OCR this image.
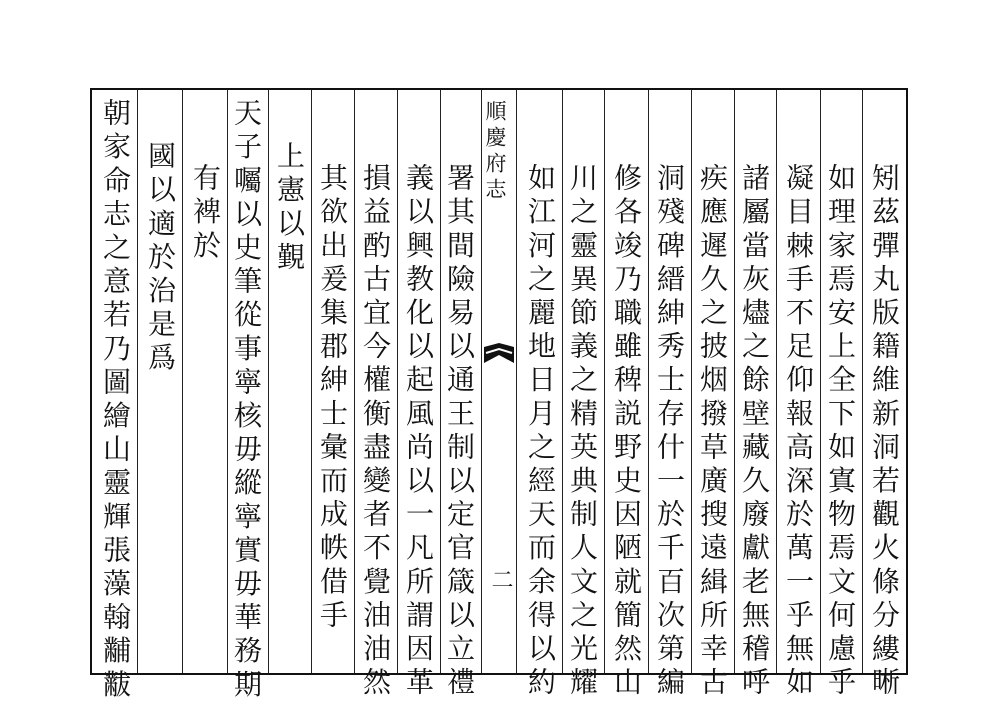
朝家命志之意若乃圖繪山靈輝張藻翰黼黻 國以適於治是爲 有裨於 天子囑以史筆從事寧核毋縱寧實毋華務期 上憲以覲 其欲出爰集郡紳士彙而成帙借手 損益酌古宜今權衡盡變者不覺油油然 義以興教化以起風尚以一凡所謂因革 署其間險易以通王制以定官箴以立禮
順慶府志
二 如江河之麗地日月之經天而余得以約 川之靈異節義之精英典制人文之光耀 修各竣乃職雖稗説野史因陋就簡然山 洞殘碑縉紳秀士存什一於千百次第編 疾應遲久之披烟撥草廣搜遠緝所幸古 諸屬當灰燼之餘壁藏久廢獻老無稽呼 凝目棘手不足仰報高深於萬一乎無如 如理家焉安上全下如寘物焉文何慮乎 矧茲彈丸版籍維新洞若觀火條分縷晰
